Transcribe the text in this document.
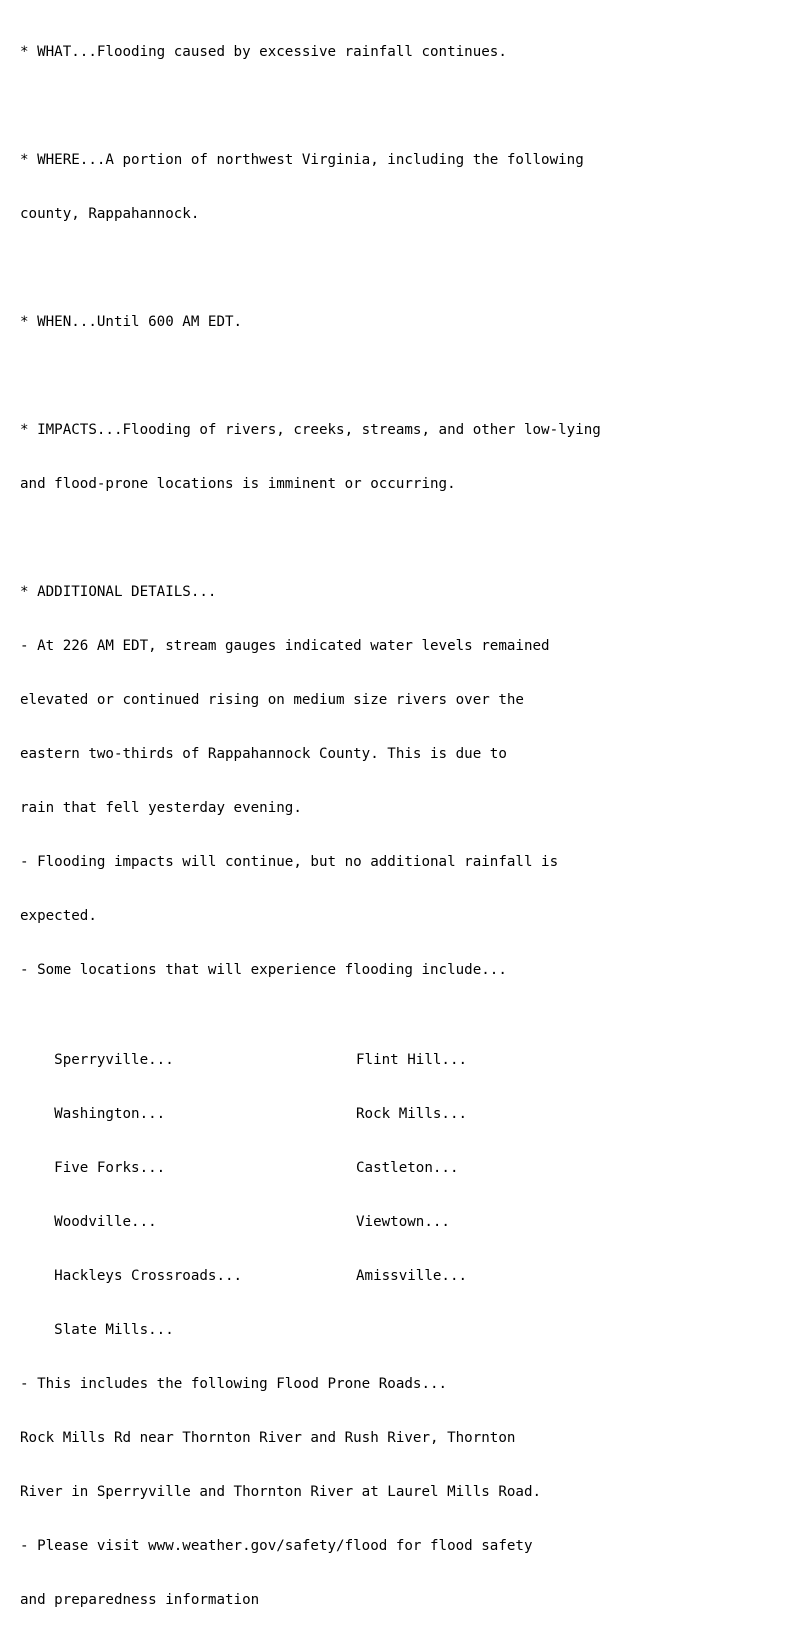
* WHAT...Flooding caused by excessive rainfall continues.

* WHERE...A portion of northwest Virginia, including the following

county, Rappahannock.

* WHEN...Until 600 AM EDT.

* IMPACTS...Flooding of rivers, creeks, streams, and other low-lying

and flood-prone locations is imminent or occurring.

* ADDITIONAL DETAILS...

- At 226 AM EDT, stream gauges indicated water levels remained

elevated or continued rising on medium size rivers over the

eastern two-thirds of Rappahannock County. This is due to

rain that fell yesterday evening.

- Flooding impacts will continue, but no additional rainfall is

expected.

- Some locations that will experience flooding include...

Sperryville...	Flint Hill...

Washington...	Rock Mills...

Five Forks...	Castleton...

Woodville...	Viewtown...

Hackleys Crossroads...	Amissville...

Slate Mills...

- This includes the following Flood Prone Roads...

Rock Mills Rd near Thornton River and Rush River, Thornton

River in Sperryville and Thornton River at Laurel Mills Road.

- Please visit www.weather.gov/safety/flood for flood safety

and preparedness information
